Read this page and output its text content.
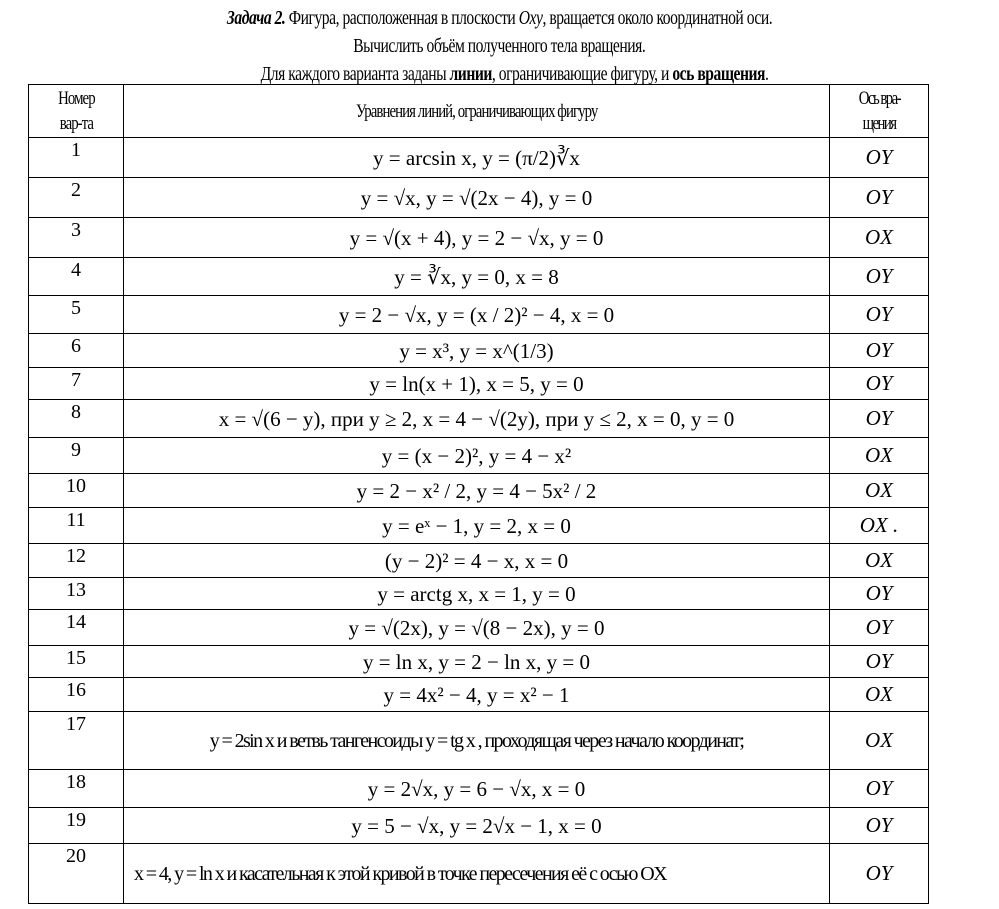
Задача 2. Фигура, расположенная в плоскости Oxy, вращается около координатной оси.
Вычислить объём полученного тела вращения.
Для каждого варианта заданы линии, ограничивающие фигуру, и ось вращения.
Номер
вар-та	Уравнения линий, ограничивающих фигуру	Ось вра-
щения
1	y = arcsin x, y = (π/2)∛x	OY
2	y = √x, y = √(2x − 4), y = 0	OY
3	y = √(x + 4), y = 2 − √x, y = 0	OX
4	y = ∛x, y = 0, x = 8	OY
5	y = 2 − √x, y = (x / 2)² − 4, x = 0	OY
6	y = x³, y = x^(1/3)	OY
7	y = ln(x + 1), x = 5, y = 0	OY
8	x = √(6 − y), при y ≥ 2, x = 4 − √(2y), при y ≤ 2, x = 0, y = 0	OY
9	y = (x − 2)², y = 4 − x²	OX
10	y = 2 − x² / 2, y = 4 − 5x² / 2	OX
11	y = eˣ − 1, y = 2, x = 0	OX .
12	(y − 2)² = 4 − x, x = 0	OX
13	y = arctg x, x = 1, y = 0	OY
14	y = √(2x), y = √(8 − 2x), y = 0	OY
15	y = ln x, y = 2 − ln x, y = 0	OY
16	y = 4x² − 4, y = x² − 1	OX
17	y = 2sin x и ветвь тангенсоиды y = tg x , проходящая через начало координат;	OX
18	y = 2√x, y = 6 − √x, x = 0	OY
19	y = 5 − √x, y = 2√x − 1, x = 0	OY
20	x = 4, y = ln x и касательная к этой кривой в точке пересечения её с осью OX	OY
